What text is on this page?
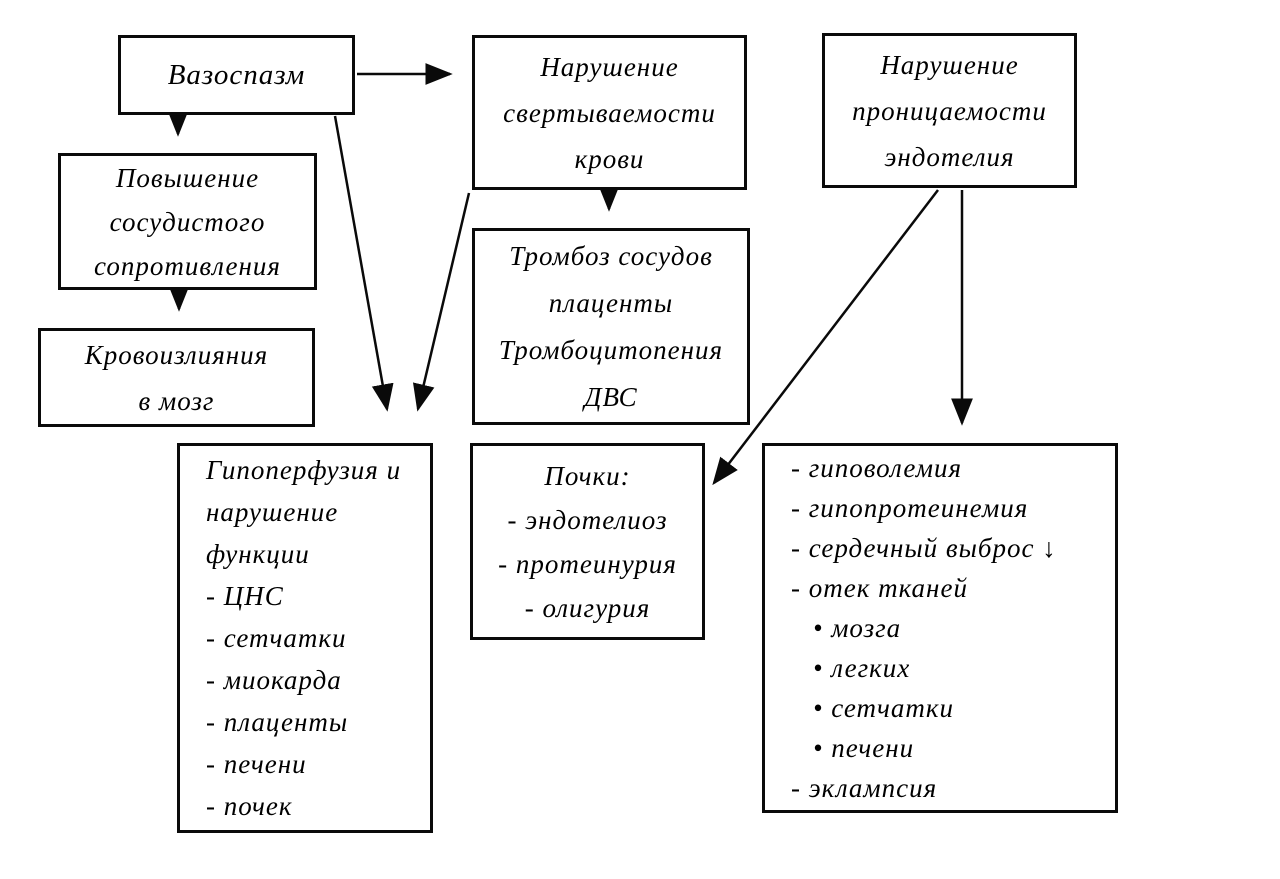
Вазоспазм
Повышение
сосудистого
сопротивления
Кровоизлияния
в мозг
Нарушение
свертываемости
крови
Тромбоз сосудов
плаценты
Тромбоцитопения
ДВС
Нарушение
проницаемости
эндотелия
Гипоперфузия и
нарушение
функции
- ЦНС
- сетчатки
- миокарда
- плаценты
- печени
- почек
Почки:
- эндотелиоз
- протеинурия
- олигурия
- гиповолемия
- гипопротеинемия
- сердечный выброс ↓
- отек тканей
• мозга
• легких
• сетчатки
• печени
- эклампсия
